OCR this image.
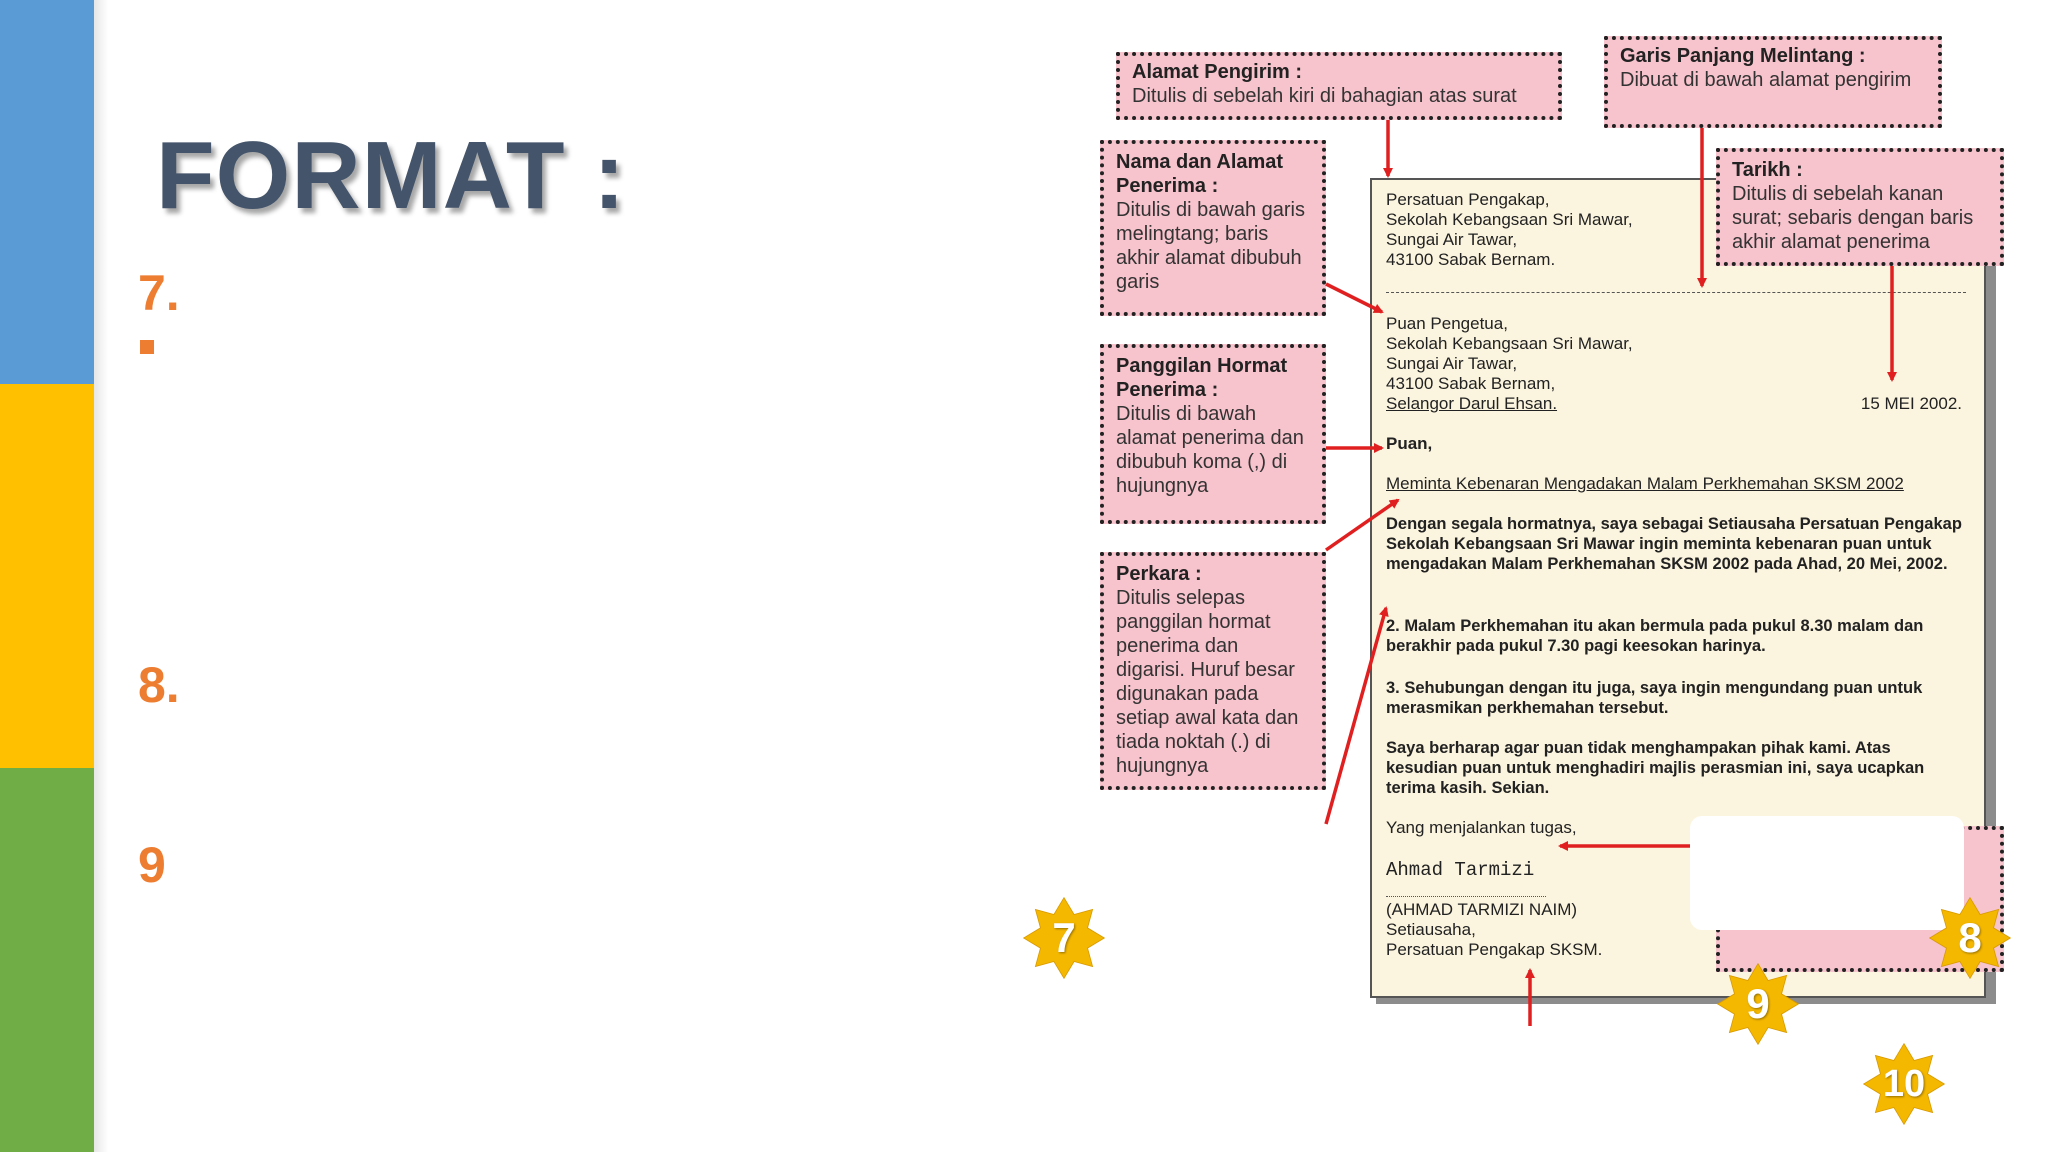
FORMAT :
7.
8.
9
Persatuan Pengakap,
Sekolah Kebangsaan Sri Mawar,
Sungai Air Tawar,
43100 Sabak Bernam.
Puan Pengetua,
Sekolah Kebangsaan Sri Mawar,
Sungai Air Tawar,
43100 Sabak Bernam,
Selangor Darul Ehsan.	15 MEI 2002.
Puan,
Meminta Kebenaran Mengadakan Malam Perkhemahan SKSM 2002
Dengan segala hormatnya, saya sebagai Setiausaha Persatuan Pengakap Sekolah Kebangsaan Sri Mawar ingin meminta kebenaran puan untuk mengadakan Malam Perkhemahan SKSM 2002 pada Ahad, 20 Mei, 2002.
2. Malam Perkhemahan itu akan bermula pada pukul 8.30 malam dan berakhir pada pukul 7.30 pagi keesokan harinya.
3. Sehubungan dengan itu juga, saya ingin mengundang puan untuk merasmikan perkhemahan tersebut.
Saya berharap agar puan tidak menghampakan pihak kami. Atas kesudian puan untuk menghadiri majlis perasmian ini, saya ucapkan terima kasih. Sekian.
Yang menjalankan tugas,
Ahmad Tarmizi
(AHMAD TARMIZI NAIM)
Setiausaha,
Persatuan Pengakap SKSM.

Alamat Pengirim :

Ditulis di sebelah kiri di bahagian atas surat

Garis Panjang Melintang :

Dibuat di bawah alamat pengirim

Nama dan Alamat Penerima :

Ditulis di bawah garis melingtang; baris akhir alamat dibubuh garis

Tarikh :

Ditulis di sebelah kanan surat; sebaris dengan baris akhir alamat penerima

Panggilan Hormat Penerima :

Ditulis di bawah alamat penerima dan dibubuh koma (,) di hujungnya

Perkara :

Ditulis selepas panggilan hormat penerima dan digarisi. Huruf besar digunakan pada setiap awal kata dan tiada noktah (.) di hujungnya

7	8
9
10
